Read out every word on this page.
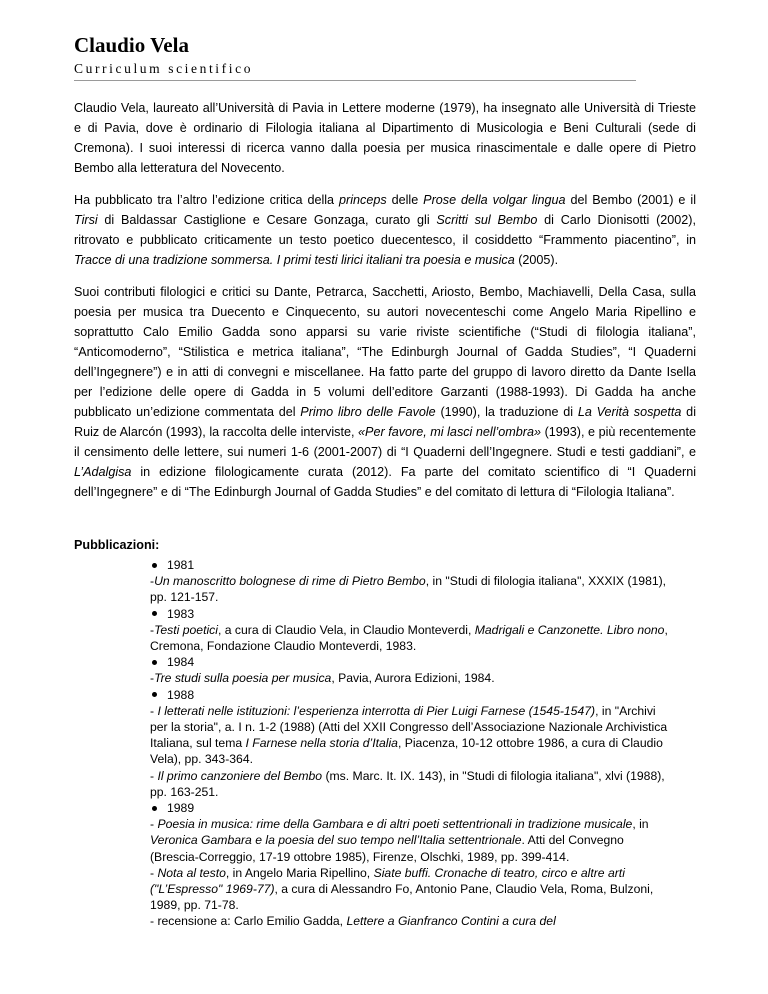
Claudio Vela
Curriculum scientifico

Claudio Vela, laureato all’Università di Pavia in Lettere moderne (1979), ha insegnato alle Università di Trieste e di Pavia, dove è ordinario di Filologia italiana al Dipartimento di Musicologia e Beni Culturali (sede di Cremona). I suoi interessi di ricerca vanno dalla poesia per musica rinascimentale e dalle opere di Pietro Bembo alla letteratura del Novecento.

Ha pubblicato tra l’altro l’edizione critica della princeps delle Prose della volgar lingua del Bembo (2001) e il Tirsi di Baldassar Castiglione e Cesare Gonzaga, curato gli Scritti sul Bembo di Carlo Dionisotti (2002), ritrovato e pubblicato criticamente un testo poetico duecentesco, il cosiddetto “Frammento piacentino”, in Tracce di una tradizione sommersa. I primi testi lirici italiani tra poesia e musica (2005).

Suoi contributi filologici e critici su Dante, Petrarca, Sacchetti, Ariosto, Bembo, Machiavelli, Della Casa, sulla poesia per musica tra Duecento e Cinquecento, su autori novecenteschi come Angelo Maria Ripellino e soprattutto Calo Emilio Gadda sono apparsi su varie riviste scientifiche (“Studi di filologia italiana”, “Anticomoderno”, “Stilistica e metrica italiana”, “The Edinburgh Journal of Gadda Studies”, “I Quaderni dell’Ingegnere”) e in atti di convegni e miscellanee. Ha fatto parte del gruppo di lavoro diretto da Dante Isella per l’edizione delle opere di Gadda in 5 volumi dell’editore Garzanti (1988-1993). Di Gadda ha anche pubblicato un’edizione commentata del Primo libro delle Favole (1990), la traduzione di La Verità sospetta di Ruiz de Alarcón (1993), la raccolta delle interviste, «Per favore, mi lasci nell’ombra» (1993), e più recentemente il censimento delle lettere, sui numeri 1-6 (2001-2007) di “I Quaderni dell’Ingegnere. Studi e testi gaddiani”, e L’Adalgisa in edizione filologicamente curata (2012). Fa parte del comitato scientifico di “I Quaderni dell’Ingegnere” e di “The Edinburgh Journal of Gadda Studies” e del comitato di lettura di “Filologia Italiana”.

Pubblicazioni:
1981
-Un manoscritto bolognese di rime di Pietro Bembo, in "Studi di filologia italiana", XXXIX (1981), pp. 121-157.
1983
-Testi poetici, a cura di Claudio Vela, in Claudio Monteverdi, Madrigali e Canzonette. Libro nono, Cremona, Fondazione Claudio Monteverdi, 1983.
1984
-Tre studi sulla poesia per musica, Pavia, Aurora Edizioni, 1984.
1988
- I letterati nelle istituzioni: l’esperienza interrotta di Pier Luigi Farnese (1545-1547), in "Archivi per la storia", a. I n. 1-2 (1988) (Atti del XXII Congresso dell’Associazione Nazionale Archivistica Italiana, sul tema I Farnese nella storia d’Italia, Piacenza, 10-12 ottobre 1986, a cura di Claudio Vela), pp. 343-364.
- Il primo canzoniere del Bembo (ms. Marc. It. IX. 143), in "Studi di filologia italiana", xlvi (1988), pp. 163-251.
1989
- Poesia in musica: rime della Gambara e di altri poeti settentrionali in tradizione musicale, in Veronica Gambara e la poesia del suo tempo nell’Italia settentrionale. Atti del Convegno (Brescia-Correggio, 17-19 ottobre 1985), Firenze, Olschki, 1989, pp. 399-414.
- Nota al testo, in Angelo Maria Ripellino, Siate buffi. Cronache di teatro, circo e altre arti ("L’Espresso" 1969-77), a cura di Alessandro Fo, Antonio Pane, Claudio Vela, Roma, Bulzoni, 1989, pp. 71-78.
- recensione a: Carlo Emilio Gadda, Lettere a Gianfranco Contini a cura del
